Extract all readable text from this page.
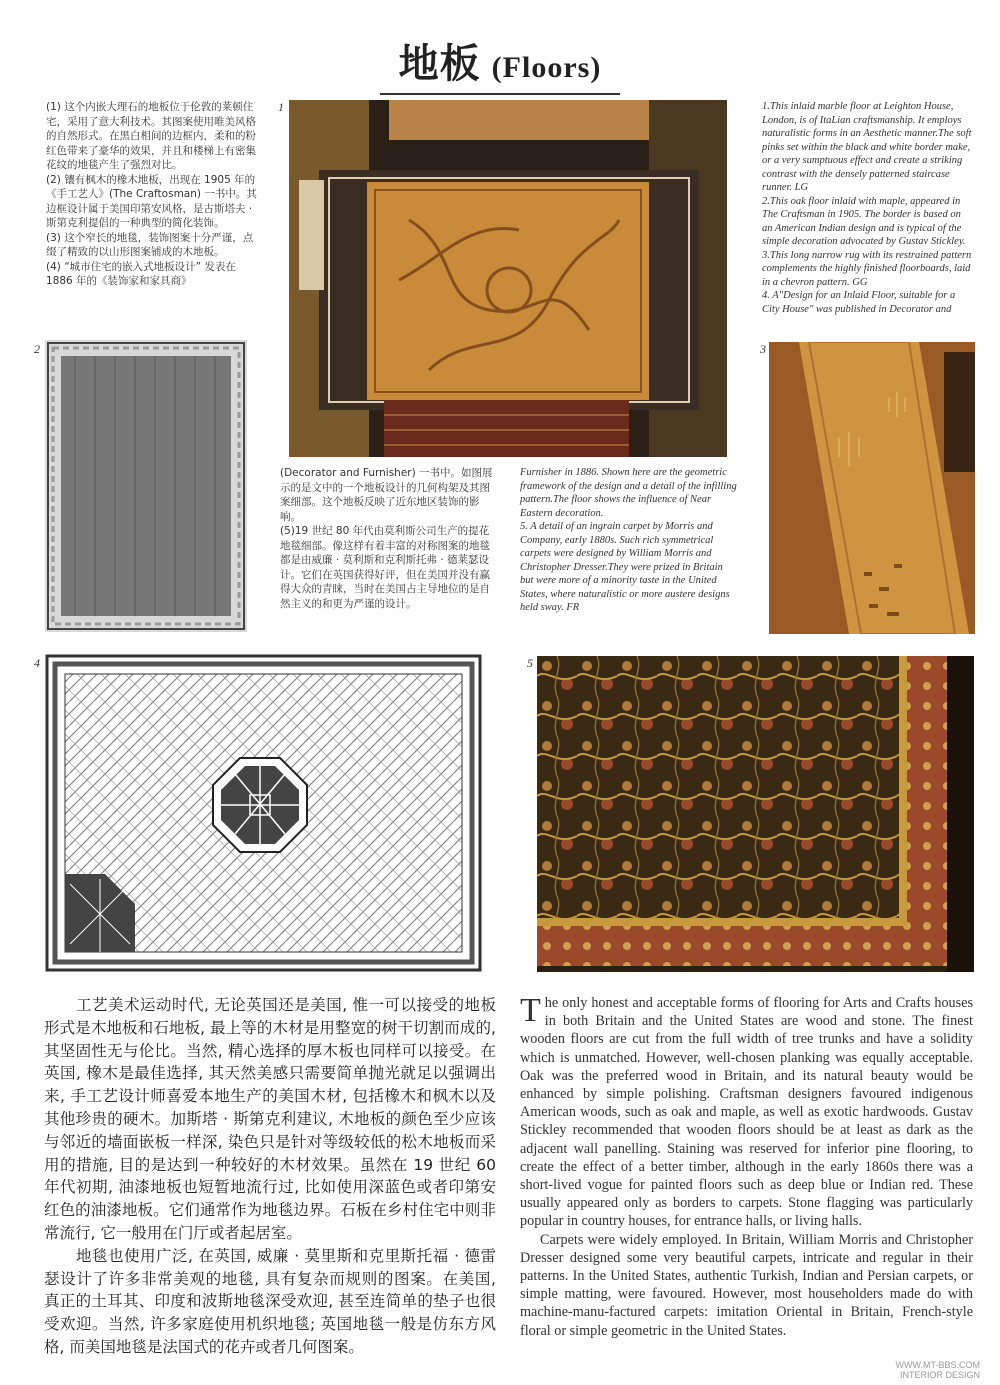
地板 (Floors)
(1) 这个内嵌大理石的地板位于伦敦的莱顿住宅，采用了意大利技术。其图案使用唯美风格的自然形式。在黑白相间的边框内，柔和的粉红色带来了豪华的效果，并且和楼梯上有密集花纹的地毯产生了强烈对比。
(2) 镶有枫木的橡木地板，出现在 1905 年的《手工艺人》(The Craftosman) 一书中。其边框设计属于美国印第安风格，是古斯塔夫 · 斯第克利提倡的一种典型的简化装饰。
(3) 这个窄长的地毯，装饰图案十分严谨，点缀了精致的以山形图案铺成的木地板。
(4) “城市住宅的嵌入式地板设计” 发表在1886 年的《装饰家和家具商》
1	1.This inlaid marble floor at Leighton House, London, is of ItaLian craftsmanship. It employs naturalistic forms in an Aesthetic manner.The soft pinks set within the black and white border make, or a very sumptuous effect and create a striking contrast with the densely patterned staircase runner. LG
2.This oak floor inlaid with maple, appeared in The Craftsman in 1905. The border is based on an American Indian design and is typical of the simple decoration advocated by Gustav Stickley.
3.This long narrow rug with its restrained pattern complements the highly finished floorboards, laid in a chevron pattern. GG
4. A"Design for an Inlaid Floor, suitable for a City House" was published in Decorator and
2
(Decorator and Furnisher) 一书中。如图展示的是文中的一个地板设计的几何构架及其图案细部。这个地板反映了近东地区装饰的影响。
(5)19 世纪 80 年代由莫利斯公司生产的提花地毯细部。像这样有着丰富的对称图案的地毯都是由威廉 · 莫利斯和克利斯托弗 · 德莱瑟设计。它们在英国获得好评，但在美国并没有赢得大众的青睐，当时在美国占主导地位的是自然主义的和更为严谨的设计。
Furnisher in 1886. Shown here are the geometric framework of the design and a detail of the infilling pattern.The floor shows the influence of Near Eastern decoration.
5. A detail of an ingrain carpet by Morris and Company, early 1880s. Such rich symmetrical carpets were designed by William Morris and Christopher Dresser.They were prized in Britain but were more of a minority taste in the United States, where naturalistic or more austere designs held sway. FR
3
4	5

工艺美术运动时代, 无论英国还是美国, 惟一可以接受的地板形式是木地板和石地板, 最上等的木材是用整宽的树干切割而成的, 其坚固性无与伦比。当然, 精心选择的厚木板也同样可以接受。在英国, 橡木是最佳选择, 其天然美感只需要简单抛光就足以强调出来, 手工艺设计师喜爱本地生产的美国木材, 包括橡木和枫木以及其他珍贵的硬木。加斯塔 · 斯第克利建议, 木地板的颜色至少应该与邻近的墙面嵌板一样深, 染色只是针对等级较低的松木地板而采用的措施, 目的是达到一种较好的木材效果。虽然在 19 世纪 60 年代初期, 油漆地板也短暂地流行过, 比如使用深蓝色或者印第安红色的油漆地板。它们通常作为地毯边界。石板在乡村住宅中则非常流行, 它一般用在门厅或者起居室。

地毯也使用广泛, 在英国, 威廉 · 莫里斯和克里斯托福 · 德雷瑟设计了许多非常美观的地毯, 具有复杂而规则的图案。在美国, 真正的土耳其、印度和波斯地毯深受欢迎, 甚至连简单的垫子也很受欢迎。当然, 许多家庭使用机织地毯; 英国地毯一般是仿东方风格, 而美国地毯是法国式的花卉或者几何图案。

The only honest and acceptable forms of flooring for Arts and Crafts houses in both Britain and the United States are wood and stone. The finest wooden floors are cut from the full width of tree trunks and have a solidity which is unmatched. However, well-chosen planking was equally acceptable. Oak was the preferred wood in Britain, and its natural beauty would be enhanced by simple polishing. Craftsman designers favoured indigenous American woods, such as oak and maple, as well as exotic hardwoods. Gustav Stickley recommended that wooden floors should be at least as dark as the adjacent wall panelling. Staining was reserved for inferior pine flooring, to create the effect of a better timber, although in the early 1860s there was a short-lived vogue for painted floors such as deep blue or Indian red. These usually appeared only as borders to carpets. Stone flagging was particularly popular in country houses, for entrance halls, or living halls.

Carpets were widely employed. In Britain, William Morris and Christopher Dresser designed some very beautiful carpets, intricate and regular in their patterns. In the United States, authentic Turkish, Indian and Persian carpets, or simple matting, were favoured. However, most householders made do with machine-manu-factured carpets: imitation Oriental in Britain, French-style floral or simple geometric in the United States.

WWW.MT-BBS.COM
INTERIOR DESIGN
